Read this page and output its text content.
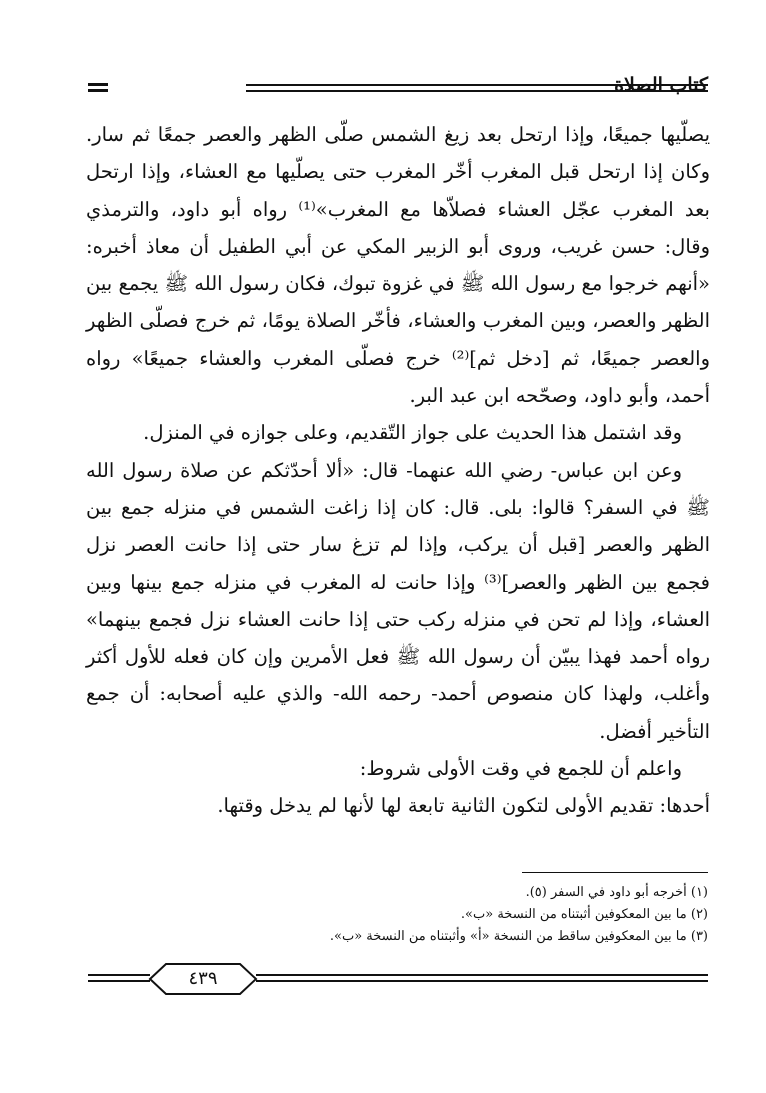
كتاب الصلاة

يصلّيها جميعًا، وإذا ارتحل بعد زيغ الشمس صلّى الظهر والعصر جمعًا ثم سار. وكان إذا ارتحل قبل المغرب أخّر المغرب حتى يصلّيها مع العشاء، وإذا ارتحل بعد المغرب عجّل العشاء فصلاّها مع المغرب»⁽¹⁾ رواه أبو داود، والترمذي وقال: حسن غريب، وروى أبو الزبير المكي عن أبي الطفيل أن معاذ أخبره: «أنهم خرجوا مع رسول الله ﷺ في غزوة تبوك، فكان رسول الله ﷺ يجمع بين الظهر والعصر، وبين المغرب والعشاء، فأخّر الصلاة يومًا، ثم خرج فصلّى الظهر والعصر جميعًا، ثم [دخل ثم]⁽²⁾ خرج فصلّى المغرب والعشاء جميعًا» رواه أحمد، وأبو داود، وصحّحه ابن عبد البر.

وقد اشتمل هذا الحديث على جواز التّقديم، وعلى جوازه في المنزل.

وعن ابن عباس- رضي الله عنهما- قال: «ألا أحدّثكم عن صلاة رسول الله ﷺ في السفر؟ قالوا: بلى. قال: كان إذا زاغت الشمس في منزله جمع بين الظهر والعصر [قبل أن يركب، وإذا لم تزغ سار حتى إذا حانت العصر نزل فجمع بين الظهر والعصر]⁽³⁾ وإذا حانت له المغرب في منزله جمع بينها وبين العشاء، وإذا لم تحن في منزله ركب حتى إذا حانت العشاء نزل فجمع بينهما» رواه أحمد فهذا يبيّن أن رسول الله ﷺ فعل الأمرين وإن كان فعله للأول أكثر وأغلب، ولهذا كان منصوص أحمد- رحمه الله- والذي عليه أصحابه: أن جمع التأخير أفضل.

واعلم أن للجمع في وقت الأولى شروط:

أحدها: تقديم الأولى لتكون الثانية تابعة لها لأنها لم يدخل وقتها.

(١) أخرجه أبو داود في السفر (٥).
(٢) ما بين المعكوفين أثبتناه من النسخة «ب».
(٣) ما بين المعكوفين ساقط من النسخة «أ» وأثبتناه من النسخة «ب».
٤٣٩
